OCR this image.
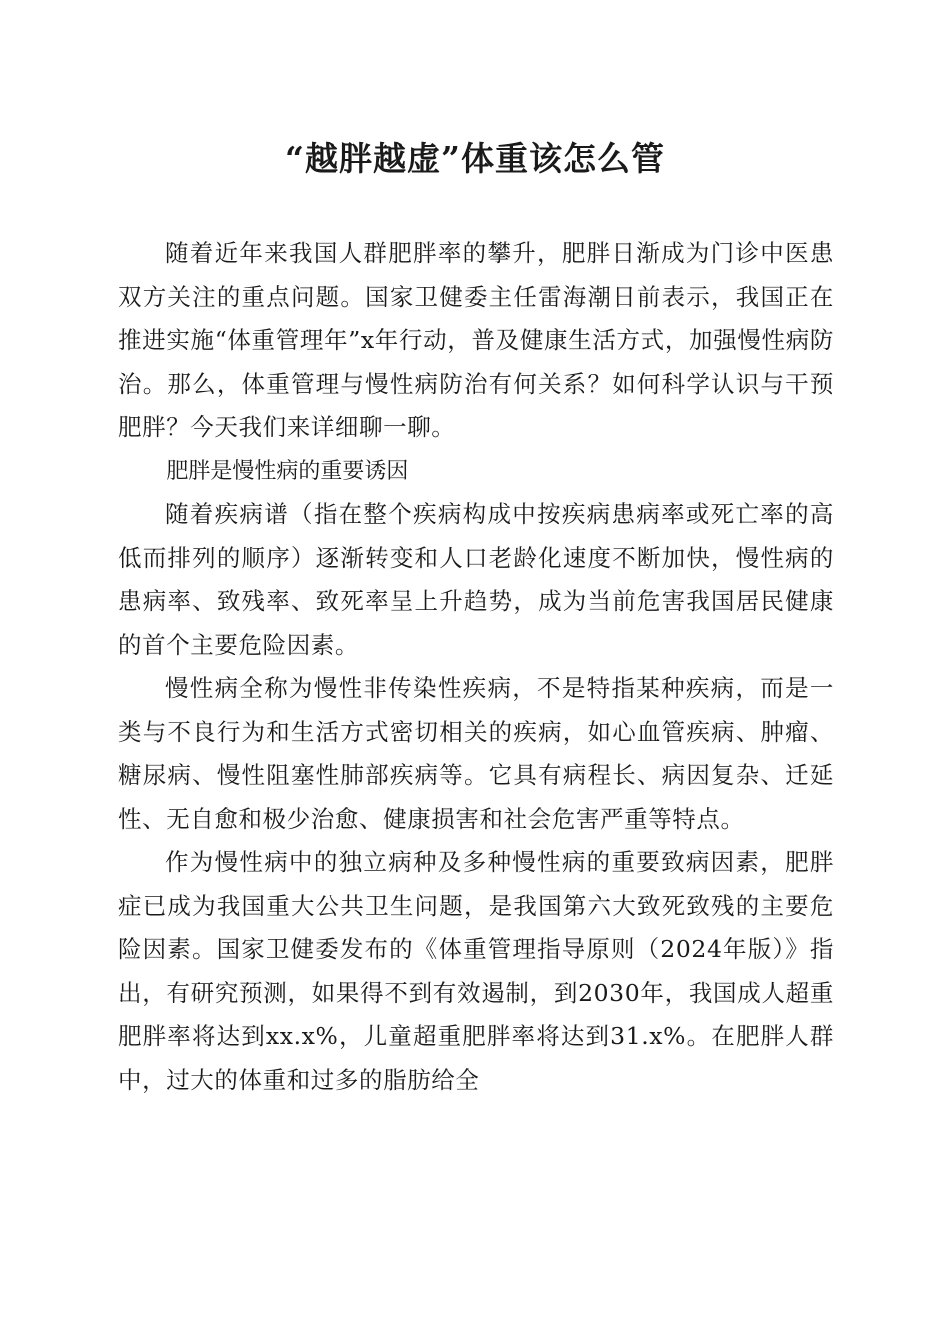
“越胖越虚”体重该怎么管

随着近年来我国人群肥胖率的攀升，肥胖日渐成为门诊中医患双方关注的重点问题。国家卫健委主任雷海潮日前表示，我国正在推进实施“体重管理年”x年行动，普及健康生活方式，加强慢性病防治。那么，体重管理与慢性病防治有何关系？如何科学认识与干预肥胖？今天我们来详细聊一聊。

肥胖是慢性病的重要诱因

随着疾病谱（指在整个疾病构成中按疾病患病率或死亡率的高低而排列的顺序）逐渐转变和人口老龄化速度不断加快，慢性病的患病率、致残率、致死率呈上升趋势，成为当前危害我国居民健康的首个主要危险因素。

慢性病全称为慢性非传染性疾病，不是特指某种疾病，而是一类与不良行为和生活方式密切相关的疾病，如心血管疾病、肿瘤、糖尿病、慢性阻塞性肺部疾病等。它具有病程长、病因复杂、迁延性、无自愈和极少治愈、健康损害和社会危害严重等特点。

作为慢性病中的独立病种及多种慢性病的重要致病因素，肥胖症已成为我国重大公共卫生问题，是我国第六大致死致残的主要危险因素。国家卫健委发布的《体重管理指导原则（2024年版）》指出，有研究预测，如果得不到有效遏制，到2030年，我国成人超重肥胖率将达到xx.x%，儿童超重肥胖率将达到31.x%。在肥胖人群中，过大的体重和过多的脂肪给全
